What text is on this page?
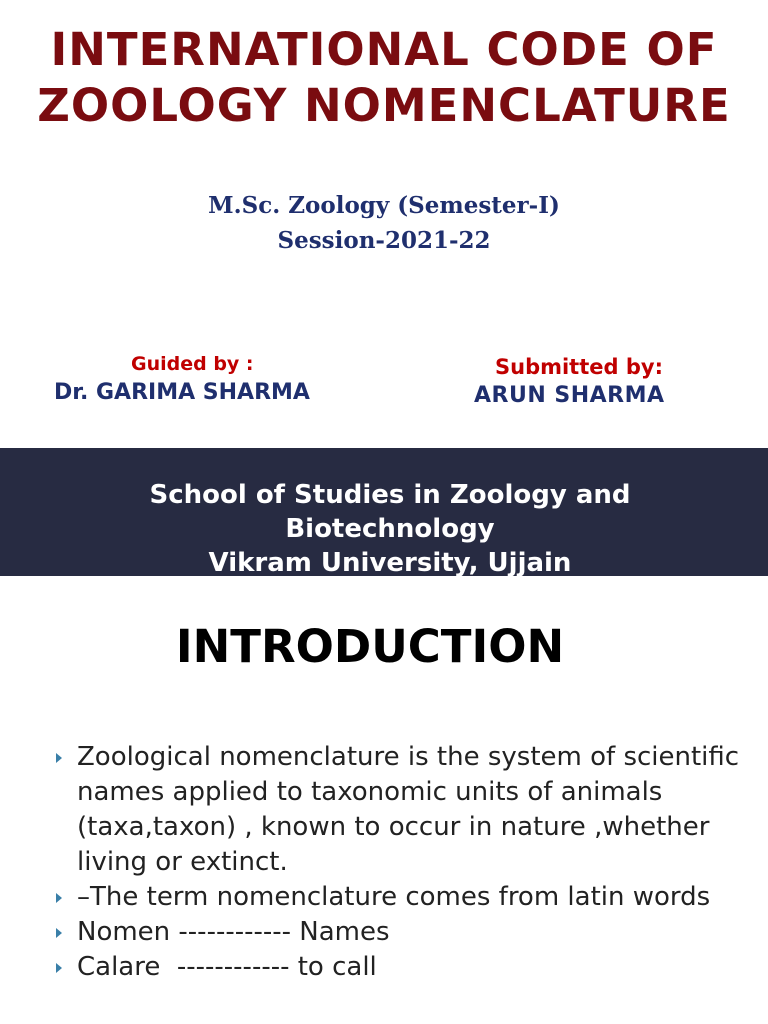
INTERNATIONAL CODE OF
ZOOLOGY NOMENCLATURE
M.Sc. Zoology (Semester-I)
Session-2021-22
Guided by :
Dr. GARIMA SHARMA
Submitted by:
ARUN SHARMA
School of Studies in Zoology and
Biotechnology
Vikram University, Ujjain
INTRODUCTION
Zoological nomenclature is the system of scientific names applied to taxonomic units of animals (taxa,taxon) , known to occur in nature ,whether living or extinct.
–The term nomenclature comes from latin words
Nomen ------------ Names
Calare  ------------ to call
